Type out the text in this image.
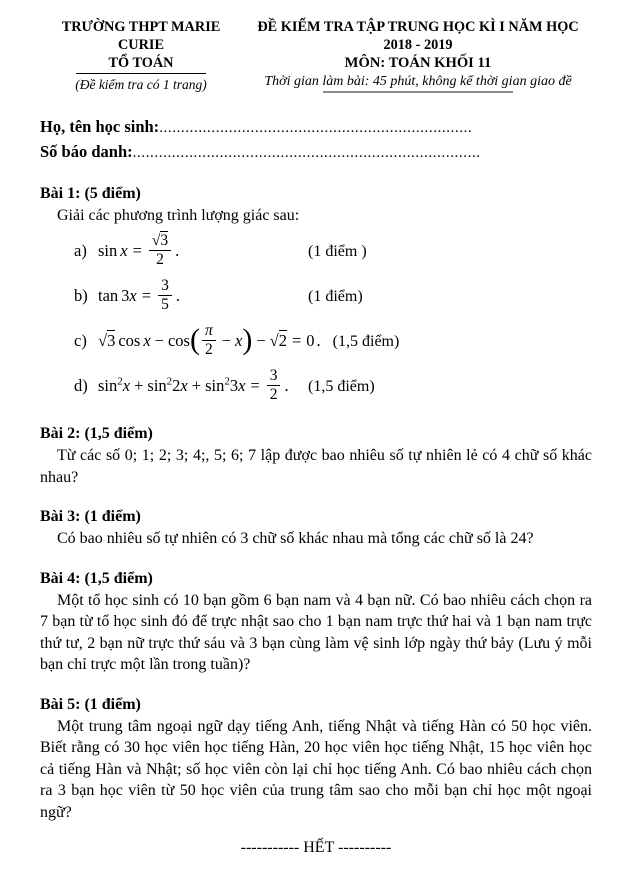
TRƯỜNG THPT MARIE CURIE
TỔ TOÁN
(Đề kiểm tra có 1 trang)
ĐỀ KIỂM TRA TẬP TRUNG HỌC KÌ I NĂM HỌC 2018 - 2019
MÔN: TOÁN KHỐI 11
Thời gian làm bài: 45 phút, không kể thời gian giao đề
Họ, tên học sinh:........................................................................
Số báo danh:................................................................................
Bài 1: (5 điểm)
Giải các phương trình lượng giác sau:
a) $\sin x = \frac{√3}{2}$ .	(1 điểm )
b) $\tan 3x = \frac{3}{5}$ .	(1 điểm)
c) √3 $\cos x - \cos( \frac{\pi}{2} - x) - √2 = 0$ . (1,5 điểm)
d) $\sin^2x + \sin^22x + \sin^23x = \frac{3}{2}$ .	(1,5 điểm)
Bài 2: (1,5 điểm)

Từ các số 0; 1; 2; 3; 4;, 5; 6; 7 lập được bao nhiêu số tự nhiên lẻ có 4 chữ số khác nhau?

Bài 3: (1 điểm)

Có bao nhiêu số tự nhiên có 3 chữ số khác nhau mà tổng các chữ số là 24?

Bài 4: (1,5 điểm)

Một tổ học sinh có 10 bạn gồm 6 bạn nam và 4 bạn nữ. Có bao nhiêu cách chọn ra 7 bạn từ tổ học sinh đó để trực nhật sao cho 1 bạn nam trực thứ hai và 1 bạn nam trực thứ tư, 2 bạn nữ trực thứ sáu và 3 bạn cùng làm vệ sinh lớp ngày thứ bảy (Lưu ý mỗi bạn chỉ trực một lần trong tuần)?

Bài 5: (1 điểm)

Một trung tâm ngoại ngữ dạy tiếng Anh, tiếng Nhật và tiếng Hàn có 50 học viên. Biết rằng có 30 học viên học tiếng Hàn, 20 học viên học tiếng Nhật, 15 học viên học cả tiếng Hàn và Nhật; số học viên còn lại chỉ học tiếng Anh. Có bao nhiêu cách chọn ra 3 bạn học viên từ 50 học viên của trung tâm sao cho mỗi bạn chỉ học một ngoại ngữ?

----------- HẾT ----------
